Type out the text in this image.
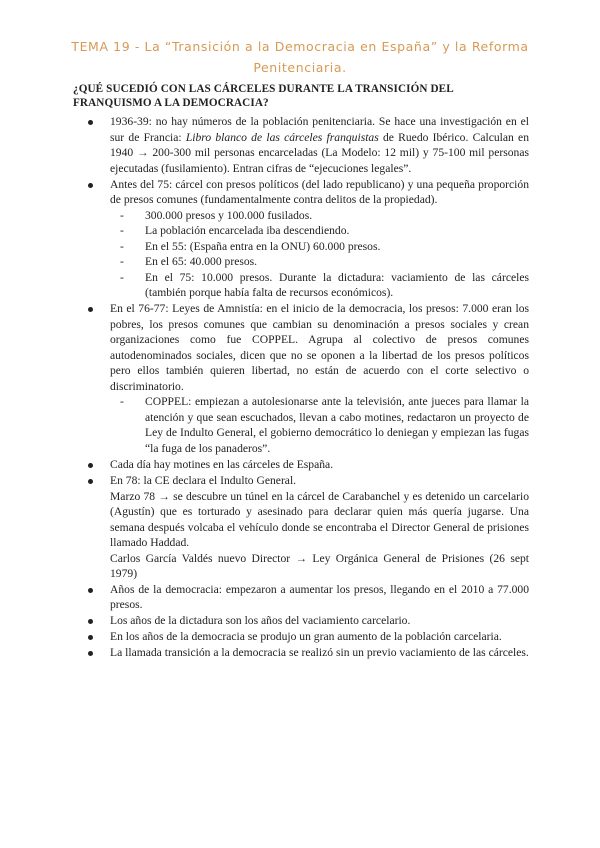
TEMA 19 - La “Transición a la Democracia en España” y la Reforma
Penitenciaria.
¿QUÉ SUCEDIÓ CON LAS CÁRCELES DURANTE LA TRANSICIÓN DEL FRANQUISMO A LA DEMOCRACIA?
1936-39: no hay números de la población penitenciaria. Se hace una investigación en el sur de Francia: Libro blanco de las cárceles franquistas de Ruedo Ibérico. Calculan en 1940 → 200-300 mil personas encarceladas (La Modelo: 12 mil) y 75-100 mil personas ejecutadas (fusilamiento). Entran cifras de “ejecuciones legales”.
Antes del 75: cárcel con presos políticos (del lado republicano) y una pequeña proporción de presos comunes (fundamentalmente contra delitos de la propiedad).
- 300.000 presos y 100.000 fusilados.
- La población encarcelada iba descendiendo.
- En el 55: (España entra en la ONU) 60.000 presos.
- En el 65: 40.000 presos.
- En el 75: 10.000 presos. Durante la dictadura: vaciamiento de las cárceles (también porque había falta de recursos económicos).
En el 76-77: Leyes de Amnistía: en el inicio de la democracia, los presos: 7.000 eran los pobres, los presos comunes que cambian su denominación a presos sociales y crean organizaciones como fue COPPEL. Agrupa al colectivo de presos comunes autodenominados sociales, dicen que no se oponen a la libertad de los presos políticos pero ellos también quieren libertad, no están de acuerdo con el corte selectivo o discriminatorio.
- COPPEL: empiezan a autolesionarse ante la televisión, ante jueces para llamar la atención y que sean escuchados, llevan a cabo motines, redactaron un proyecto de Ley de Indulto General, el gobierno democrático lo deniegan y empiezan las fugas “la fuga de los panaderos”.
Cada día hay motines en las cárceles de España.
En 78: la CE declara el Indulto General.
Marzo 78 → se descubre un túnel en la cárcel de Carabanchel y es detenido un carcelario (Agustín) que es torturado y asesinado para declarar quien más quería jugarse. Una semana después volcaba el vehículo donde se encontraba el Director General de prisiones llamado Haddad.
Carlos García Valdés nuevo Director → Ley Orgánica General de Prisiones (26 sept 1979)
Años de la democracia: empezaron a aumentar los presos, llegando en el 2010 a 77.000 presos.
Los años de la dictadura son los años del vaciamiento carcelario.
En los años de la democracia se produjo un gran aumento de la población carcelaria.
La llamada transición a la democracia se realizó sin un previo vaciamiento de las cárceles.
